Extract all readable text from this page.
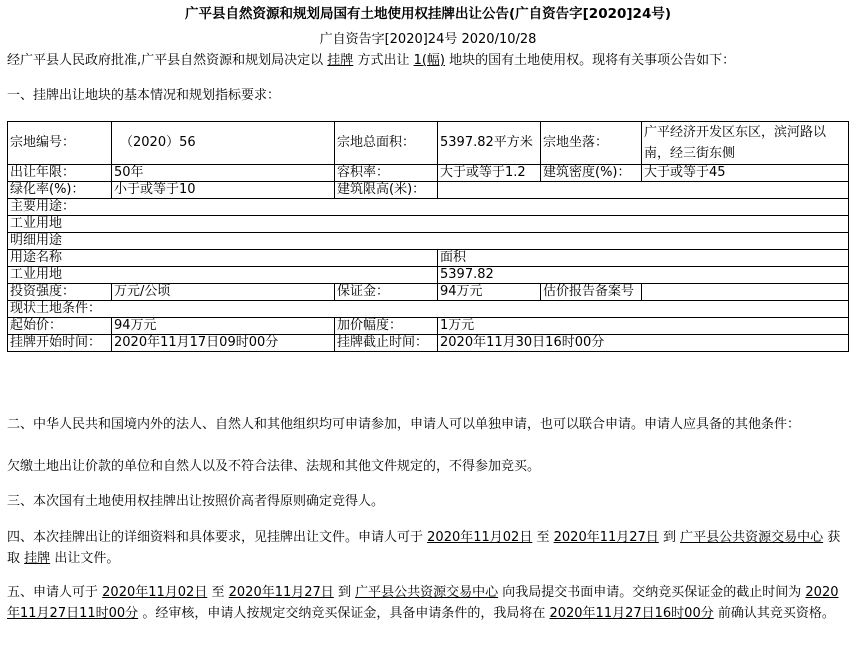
广平县自然资源和规划局国有土地使用权挂牌出让公告(广自资告字[2020]24号)
广自资告字[2020]24号 2020/10/28
经广平县人民政府批准,广平县自然资源和规划局决定以 挂牌 方式出让 1(幅) 地块的国有土地使用权。现将有关事项公告如下：
一、挂牌出让地块的基本情况和规划指标要求：
宗地编号：	（2020）56	宗地总面积：	5397.82平方米	宗地坐落：	广平经济开发区东区，滨河路以南，经三街东侧
出让年限：	50年	容积率：	大于或等于1.2	建筑密度(%)：	大于或等于45
绿化率(%)：	小于或等于10	建筑限高(米)：			
主要用途：					
工业用地					
明细用途					
用途名称			面积		
工业用地			5397.82		
投资强度：	万元/公顷	保证金：	94万元	估价报告备案号	
现状土地条件：					
起始价：	94万元	加价幅度：	1万元		
挂牌开始时间：	2020年11月17日09时00分	挂牌截止时间：	2020年11月30日16时00分		
二、中华人民共和国境内外的法人、自然人和其他组织均可申请参加，申请人可以单独申请，也可以联合申请。申请人应具备的其他条件：
欠缴土地出让价款的单位和自然人以及不符合法律、法规和其他文件规定的，不得参加竞买。
三、本次国有土地使用权挂牌出让按照价高者得原则确定竞得人。
四、本次挂牌出让的详细资料和具体要求，见挂牌出让文件。申请人可于 2020年11月02日 至 2020年11月27日 到 广平县公共资源交易中心 获取 挂牌 出让文件。
五、申请人可于 2020年11月02日 至 2020年11月27日 到 广平县公共资源交易中心 向我局提交书面申请。交纳竞买保证金的截止时间为 2020年11月27日11时00分 。经审核，申请人按规定交纳竞买保证金，具备申请条件的，我局将在 2020年11月27日16时00分 前确认其竞买资格。
